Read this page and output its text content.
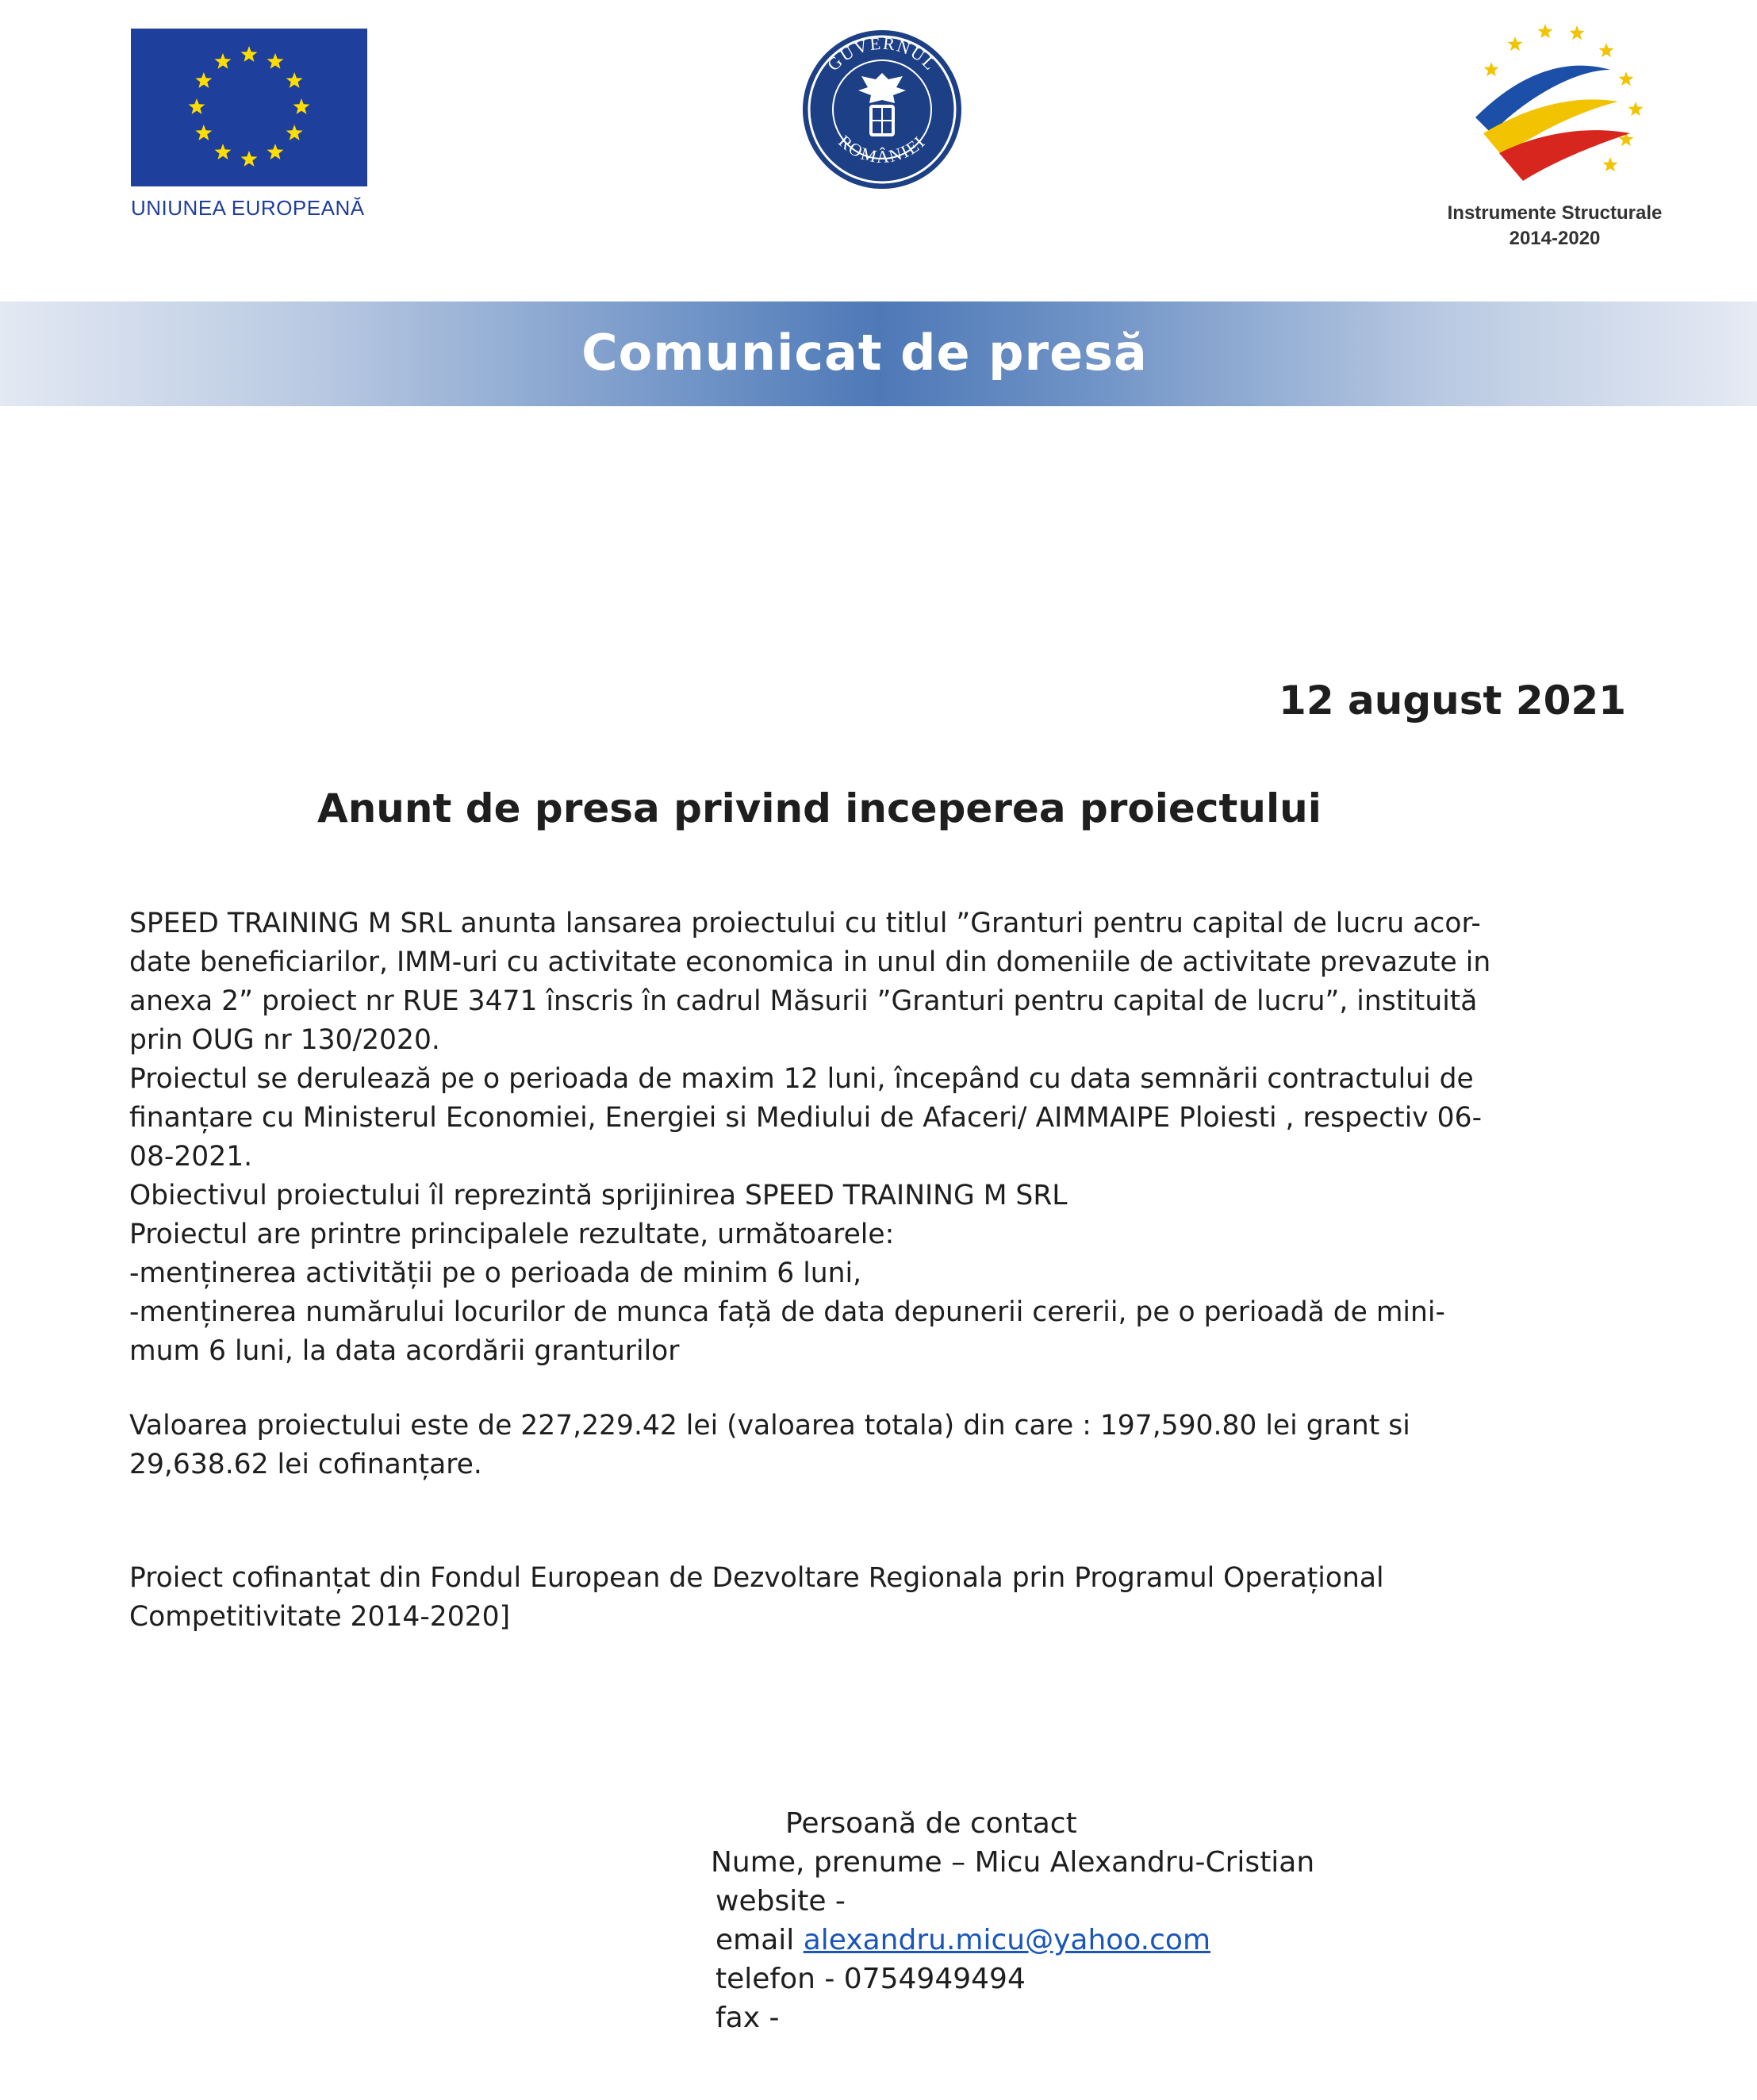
UNIUNEA EUROPEANĂ
GUVERNUL
ROMÂNIEI
Instrumente Structurale
2014-2020
Comunicat de presă
12 august 2021
Anunt de presa privind inceperea proiectului

SPEED TRAINING M SRL anunta lansarea proiectului cu titlul ”Granturi pentru capital de lucru acor-

date beneficiarilor, IMM-uri cu activitate economica in unul din domeniile de activitate prevazute in

anexa 2” proiect nr RUE 3471 înscris în cadrul Măsurii ”Granturi pentru capital de lucru”, instituită

prin OUG nr 130/2020.

Proiectul se derulează pe o perioada de maxim 12 luni, începând cu data semnării contractului de

finanțare cu Ministerul Economiei, Energiei si Mediului de Afaceri/ AIMMAIPE Ploiesti , respectiv 06-

08-2021.

Obiectivul proiectului îl reprezintă sprijinirea SPEED TRAINING M SRL

Proiectul are printre principalele rezultate, următoarele:

-menținerea activității pe o perioada de minim 6 luni,

-menținerea numărului locurilor de munca față de data depunerii cererii, pe o perioadă de mini-

mum 6 luni, la data acordării granturilor

Valoarea proiectului este de 227,229.42 lei (valoarea totala) din care : 197,590.80 lei grant si

29,638.62 lei cofinanțare.

Proiect cofinanțat din Fondul European de Dezvoltare Regionala prin Programul Operațional

Competitivitate 2014-2020]

Persoană de contact
Nume, prenume – Micu Alexandru-Cristian
website -
email alexandru.micu@yahoo.com
telefon - 0754949494
fax -
